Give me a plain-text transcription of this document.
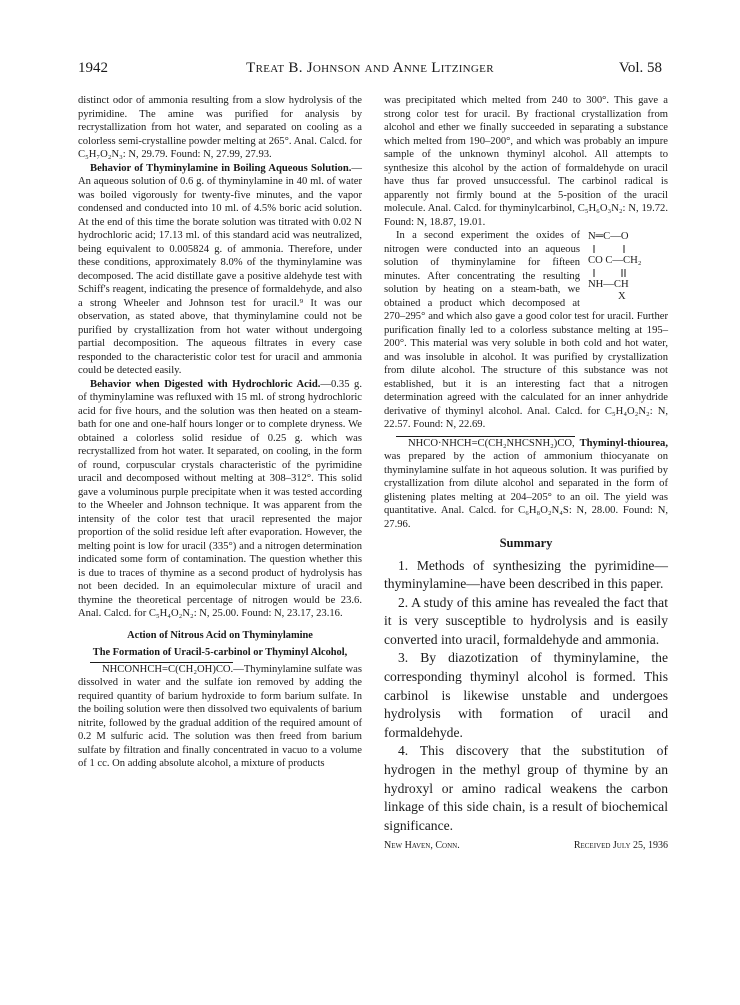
1942	Treat B. Johnson and Anne Litzinger	Vol. 58

distinct odor of ammonia resulting from a slow hydrolysis of the pyrimidine. The amine was purified for analysis by recrystallization from hot water, and separated on cooling as a colorless semi-crystalline powder melting at 265°. Anal. Calcd. for C₅H₇O₂N₃: N, 29.79. Found: N, 27.99, 27.93.

Behavior of Thyminylamine in Boiling Aqueous Solution.—An aqueous solution of 0.6 g. of thyminylamine in 40 ml. of water was boiled vigorously for twenty-five minutes, and the vapor condensed and conducted into 10 ml. of 4.5% boric acid solution. At the end of this time the borate solution was titrated with 0.02 N hydrochloric acid; 17.13 ml. of this standard acid was neutralized, being equivalent to 0.005824 g. of ammonia. Therefore, under these conditions, approximately 8.0% of the thyminylamine was decomposed. The acid distillate gave a positive aldehyde test with Schiff's reagent, indicating the presence of formaldehyde, and also a strong Wheeler and Johnson test for uracil.⁹ It was our observation, as stated above, that thyminylamine could not be purified by crystallization from hot water without undergoing partial decomposition. The aqueous filtrates in every case responded to the characteristic color test for uracil and ammonia could be detected easily.

Behavior when Digested with Hydrochloric Acid.—0.35 g. of thyminylamine was refluxed with 15 ml. of strong hydrochloric acid for five hours, and the solution was then heated on a steam-bath for one and one-half hours longer or to complete dryness. We obtained a colorless solid residue of 0.25 g. which was recrystallized from hot water. It separated, on cooling, in the form of round, corpuscular crystals characteristic of the pyrimidine uracil and decomposed without melting at 308–312°. This solid gave a voluminous purple precipitate when it was tested according to the Wheeler and Johnson technique. It was apparent from the intensity of the color test that uracil represented the major proportion of the solid residue left after evaporation. However, the melting point is low for uracil (335°) and a nitrogen determination indicated some form of contamination. The question whether this is due to traces of thymine as a second product of hydrolysis has not been decided. In an equimolecular mixture of uracil and thymine the theoretical percentage of nitrogen would be 23.6. Anal. Calcd. for C₅H₄O₂N₂: N, 25.00. Found: N, 23.17, 23.16.

Action of Nitrous Acid on Thyminylamine
The Formation of Uracil-5-carbinol or Thyminyl Alcohol,

NHCONHCH=C(CH₂OH)CO.—Thyminylamine sulfate was dissolved in water and the sulfate ion removed by adding the required quantity of barium hydroxide to form barium sulfate. In the boiling solution were then dissolved two equivalents of barium nitrite, followed by the gradual addition of the required amount of 0.2 M sulfuric acid. The solution was then freed from barium sulfate by filtration and finally concentrated in vacuo to a volume of 1 cc. On adding absolute alcohol, a mixture of products

was precipitated which melted from 240 to 300°. This gave a strong color test for uracil. By fractional crystallization from alcohol and ether we finally succeeded in separating a substance which melted from 190–200°, and which was probably an impure sample of the unknown thyminyl alcohol. All attempts to synthesize this alcohol by the action of formaldehyde on uracil have thus far proved unsuccessful. The carbinol radical is apparently not firmly bound at the 5-position of the uracil molecule. Anal. Calcd. for thyminylcarbinol, C₅H₆O₃N₂: N, 19.72. Found: N, 18.87, 19.01.

N═C—O
CO C—CH₂
NH—CH
X

In a second experiment the oxides of nitrogen were conducted into an aqueous solution of thyminylamine for fifteen minutes. After concentrating the resulting solution by heating on a steam-bath, we obtained a product which decomposed at 270–295° and which also gave a good color test for uracil. Further purification finally led to a colorless substance melting at 195–200°. This material was very soluble in both cold and hot water, and was insoluble in alcohol. It was purified by crystallization from dilute alcohol. The structure of this substance was not established, but it is an interesting fact that a nitrogen determination agreed with the calculated for an inner anhydride derivative of thyminyl alcohol. Anal. Calcd. for C₅H₄O₂N₂: N, 22.57. Found: N, 22.69.

NHCO·NHCH=C(CH₂NHCSNH₂)CO, Thyminyl-thiourea, was prepared by the action of ammonium thiocyanate on thyminylamine sulfate in hot aqueous solution. It was purified by crystallization from dilute alcohol and separated in the form of glistening plates melting at 204–205° to an oil. The yield was quantitative. Anal. Calcd. for C₆H₈O₂N₄S: N, 28.00. Found: N, 27.96.

Summary

1. Methods of synthesizing the pyrimidine—thyminylamine—have been described in this paper.

2. A study of this amine has revealed the fact that it is very susceptible to hydrolysis and is easily converted into uracil, formaldehyde and ammonia.

3. By diazotization of thyminylamine, the corresponding thyminyl alcohol is formed. This carbinol is likewise unstable and undergoes hydrolysis with formation of uracil and formaldehyde.

4. This discovery that the substitution of hydrogen in the methyl group of thymine by an hydroxyl or amino radical weakens the carbon linkage of this side chain, is a result of biochemical significance.

New Haven, Conn.	Received July 25, 1936
